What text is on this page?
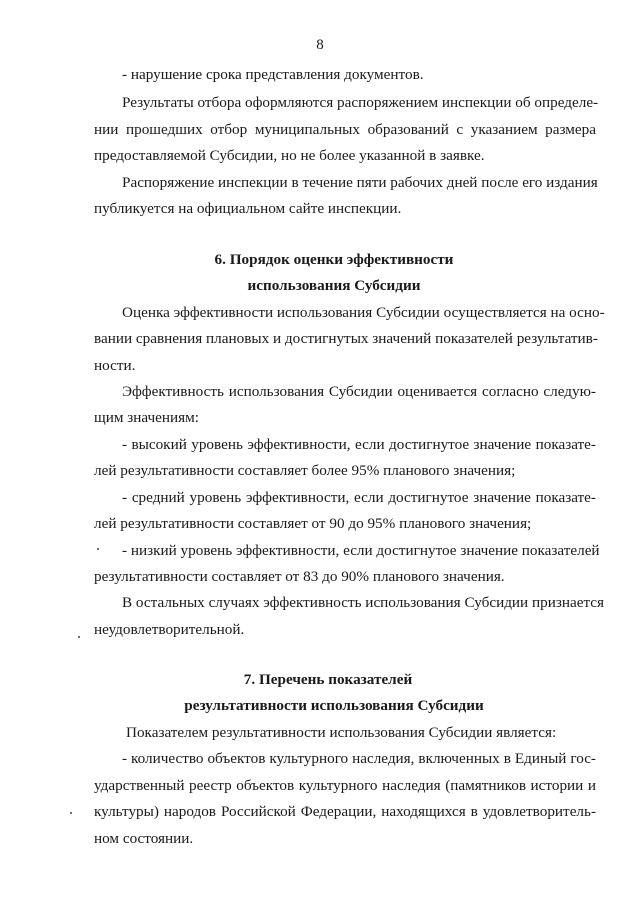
8
- нарушение срока представления документов.
Результаты отбора оформляются распоряжением инспекции об определе-
нии прошедших отбор муниципальных образований с указанием размера
предоставляемой Субсидии, но не более указанной в заявке.
Распоряжение инспекции в течение пяти рабочих дней после его издания
публикуется на официальном сайте инспекции.
6. Порядок оценки эффективности
использования Субсидии
Оценка эффективности использования Субсидии осуществляется на осно-
вании сравнения плановых и достигнутых значений показателей результатив-
ности.
Эффективность использования Субсидии оценивается согласно следую-
щим значениям:
- высокий уровень эффективности, если достигнутое значение показате-
лей результативности составляет более 95% планового значения;
- средний уровень эффективности, если достигнутое значение показате-
лей результативности составляет от 90 до 95% планового значения;
- низкий уровень эффективности, если достигнутое значение показателей
результативности составляет от 83 до 90% планового значения.
В остальных случаях эффективность использования Субсидии признается
неудовлетворительной.
7. Перечень показателей
результативности использования Субсидии
Показателем результативности использования Субсидии является:
- количество объектов культурного наследия, включенных в Единый гос-
ударственный реестр объектов культурного наследия (памятников истории и
культуры) народов Российской Федерации, находящихся в удовлетворитель-
ном состоянии.
